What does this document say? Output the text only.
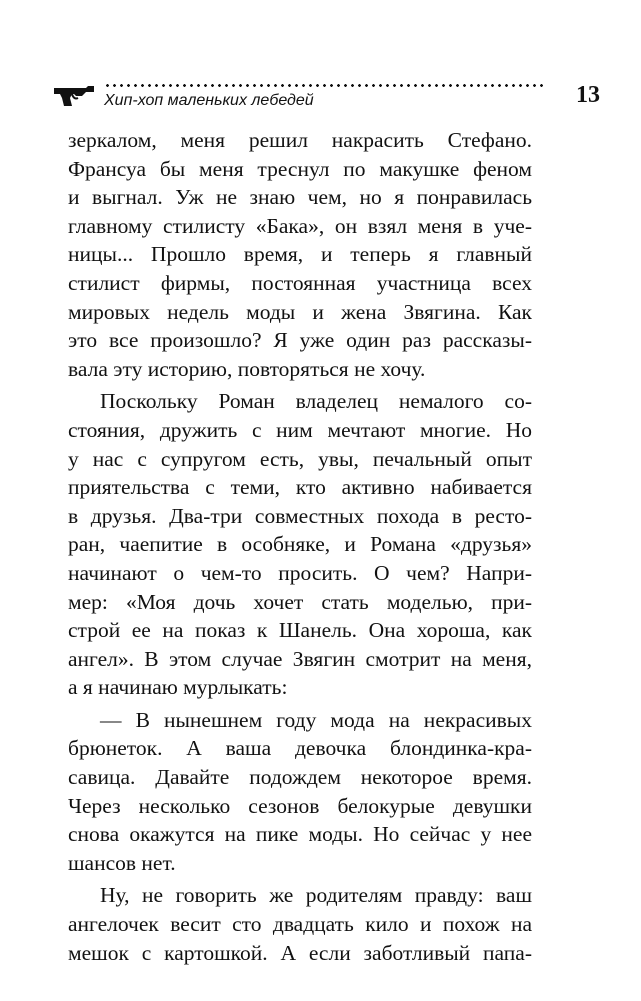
Хип-хоп маленьких лебедей	13
зеркалом, меня решил накрасить Стефано.
Франсуа бы меня треснул по макушке феном
и выгнал. Уж не знаю чем, но я понравилась
главному стилисту «Бака», он взял меня в уче-
ницы... Прошло время, и теперь я главный
стилист фирмы, постоянная участница всех
мировых недель моды и жена Звягина. Как
это все произошло? Я уже один раз рассказы-
вала эту историю, повторяться не хочу.
Поскольку Роман владелец немалого со-
стояния, дружить с ним мечтают многие. Но
у нас с супругом есть, увы, печальный опыт
приятельства с теми, кто активно набивается
в друзья. Два-три совместных похода в ресто-
ран, чаепитие в особняке, и Романа «друзья»
начинают о чем-то просить. О чем? Напри-
мер: «Моя дочь хочет стать моделью, при-
строй ее на показ к Шанель. Она хороша, как
ангел». В этом случае Звягин смотрит на меня,
а я начинаю мурлыкать:
— В нынешнем году мода на некрасивых
брюнеток. А ваша девочка блондинка-кра-
савица. Давайте подождем некоторое время.
Через несколько сезонов белокурые девушки
снова окажутся на пике моды. Но сейчас у нее
шансов нет.
Ну, не говорить же родителям правду: ваш
ангелочек весит сто двадцать кило и похож на
мешок с картошкой. А если заботливый папа-
